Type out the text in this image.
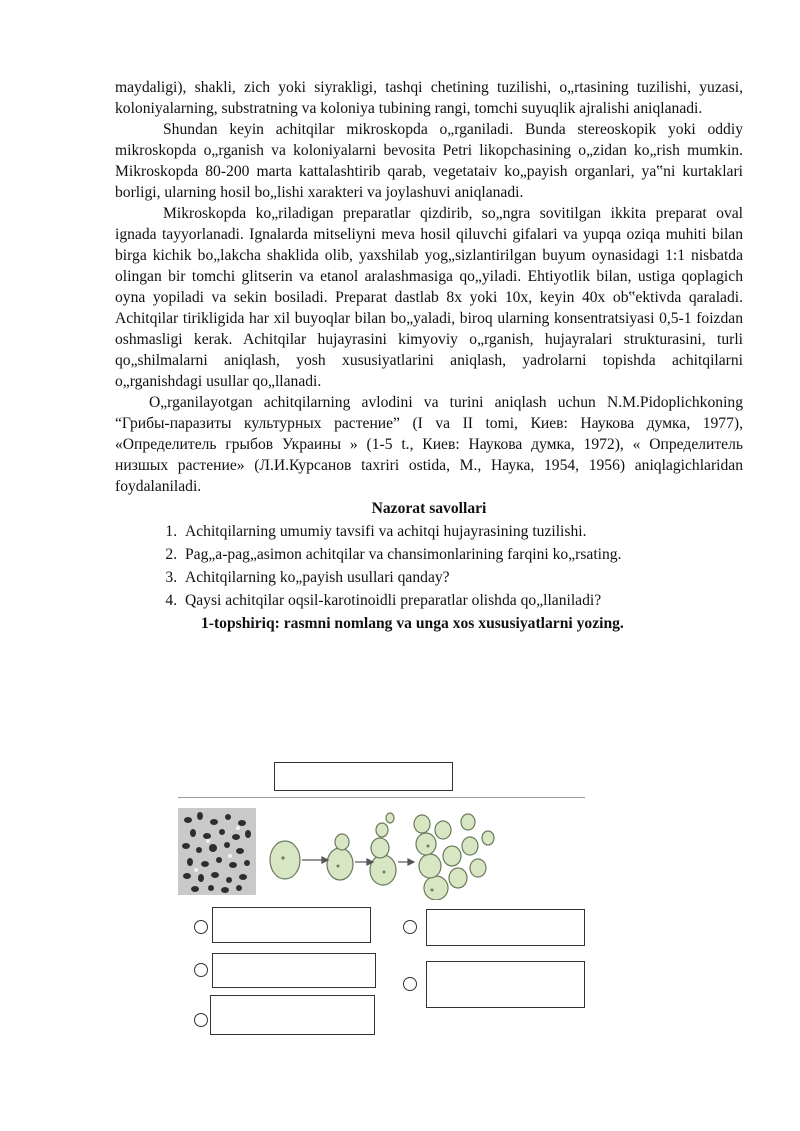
maydaligi), shakli, zich yoki siyrakligi, tashqi chetining tuzilishi, o„rtasining tuzilishi, yuzasi, koloniyalarning, substratning va koloniya tubining rangi, tomchi suyuqlik ajralishi aniqlanadi.

Shundan keyin achitqilar mikroskopda o„rganiladi. Bunda stereoskopik yoki oddiy mikroskopda o„rganish va koloniyalarni bevosita Petri likopchasining o„zidan ko„rish mumkin. Mikroskopda 80-200 marta kattalashtirib qarab, vegetataiv ko„payish organlari, ya‟ni kurtaklari borligi, ularning hosil bo„lishi xarakteri va joylashuvi aniqlanadi.

Mikroskopda ko„riladigan preparatlar qizdirib, so„ngra sovitilgan ikkita preparat oval ignada tayyorlanadi. Ignalarda mitseliyni meva hosil qiluvchi gifalari va yupqa oziqa muhiti bilan birga kichik bo„lakcha shaklida olib, yaxshilab yog„sizlantirilgan buyum oynasidagi 1:1 nisbatda olingan bir tomchi glitserin va etanol aralashmasiga qo„yiladi. Ehtiyotlik bilan, ustiga qoplagich oyna yopiladi va sekin bosiladi. Preparat dastlab 8x yoki 10x, keyin 40x ob‟ektivda qaraladi. Achitqilar tirikligida har xil buyoqlar bilan bo„yaladi, biroq ularning konsentratsiyasi 0,5-1 foizdan oshmasligi kerak. Achitqilar hujayrasini kimyoviy o„rganish, hujayralari strukturasini, turli qo„shilmalarni aniqlash, yosh xususiyatlarini aniqlash, yadrolarni topishda achitqilarni o„rganishdagi usullar qo„llanadi.

O„rganilayotgan achitqilarning avlodini va turini aniqlash uchun N.M.Pidoplichkoning “Грибы-паразиты культурных растение” (I va II tomi, Киев: Наукова думка, 1977), «Определитель грыбов Украины » (1-5 t., Киев: Наукова думка, 1972), « Определитель низшых растение» (Л.И.Курсанов taxriri ostida, M., Наука, 1954, 1956) aniqlagichlaridan foydalaniladi.

Nazorat savollari
1. Achitqilarning umumiy tavsifi va achitqi hujayrasining tuzilishi.
2. Pag„a-pag„asimon achitqilar va chansimonlarining farqini ko„rsating.
3. Achitqilarning ko„payish usullari qanday?
4. Qaysi achitqilar oqsil-karotinoidli preparatlar olishda qo„llaniladi?
1-topshiriq: rasmni nomlang va unga xos xususiyatlarni yozing.
